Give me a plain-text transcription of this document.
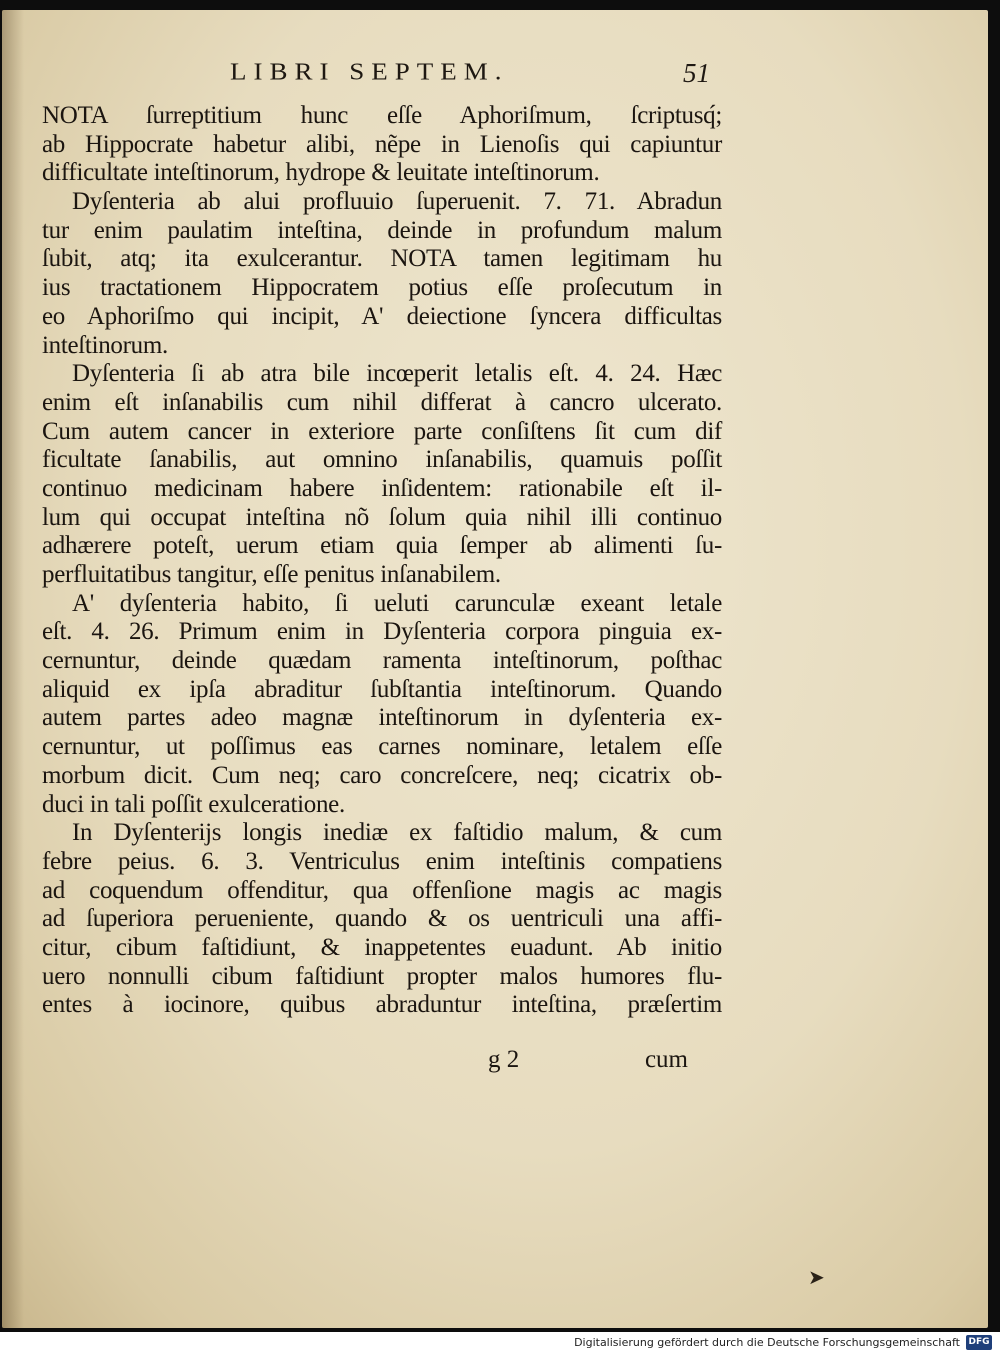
LIBRI SEPTEM.	51
NOTA ſurreptitium hunc eſſe Aphoriſmum, ſcriptusq́;
ab Hippocrate habetur alibi, nẽpe in Lienoſis qui capiuntur
difficultate inteſtinorum, hydrope & leuitate inteſtinorum.
Dyſenteria ab alui profluuio ſuperuenit. 7. 71. Abradun
tur enim paulatim inteſtina, deinde in profundum malum
ſubit, atq; ita exulcerantur. NOTA tamen legitimam hu
ius tractationem Hippocratem potius eſſe proſecutum in
eo Aphoriſmo qui incipit, A' deiectione ſyncera difficultas
inteſtinorum.
Dyſenteria ſi ab atra bile incœperit letalis eſt. 4. 24. Hæc
enim eſt inſanabilis cum nihil differat à cancro ulcerato.
Cum autem cancer in exteriore parte conſiſtens ſit cum dif
ficultate ſanabilis, aut omnino inſanabilis, quamuis poſſit
continuo medicinam habere inſidentem: rationabile eſt il-
lum qui occupat inteſtina nõ ſolum quia nihil illi continuo
adhærere poteſt, uerum etiam quia ſemper ab alimenti ſu-
perfluitatibus tangitur, eſſe penitus inſanabilem.
A' dyſenteria habito, ſi ueluti carunculæ exeant letale
eſt. 4. 26. Primum enim in Dyſenteria corpora pinguia ex-
cernuntur, deinde quædam ramenta inteſtinorum, poſthac
aliquid ex ipſa abraditur ſubſtantia inteſtinorum. Quando
autem partes adeo magnæ inteſtinorum in dyſenteria ex-
cernuntur, ut poſſimus eas carnes nominare, letalem eſſe
morbum dicit. Cum neq; caro concreſcere, neq; cicatrix ob-
duci in tali poſſit exulceratione.
In Dyſenterijs longis inediæ ex faſtidio malum, & cum
febre peius. 6. 3. Ventriculus enim inteſtinis compatiens
ad coquendum offenditur, qua offenſione magis ac magis
ad ſuperiora perueniente, quando & os uentriculi una affi-
citur, cibum faſtidiunt, & inappetentes euadunt. Ab initio
uero nonnulli cibum faſtidiunt propter malos humores flu-
entes à iocinore, quibus abraduntur inteſtina, præſertim
g 2	cum
➤
Digitalisierung gefördert durch die Deutsche Forschungsgemeinschaft DFG
